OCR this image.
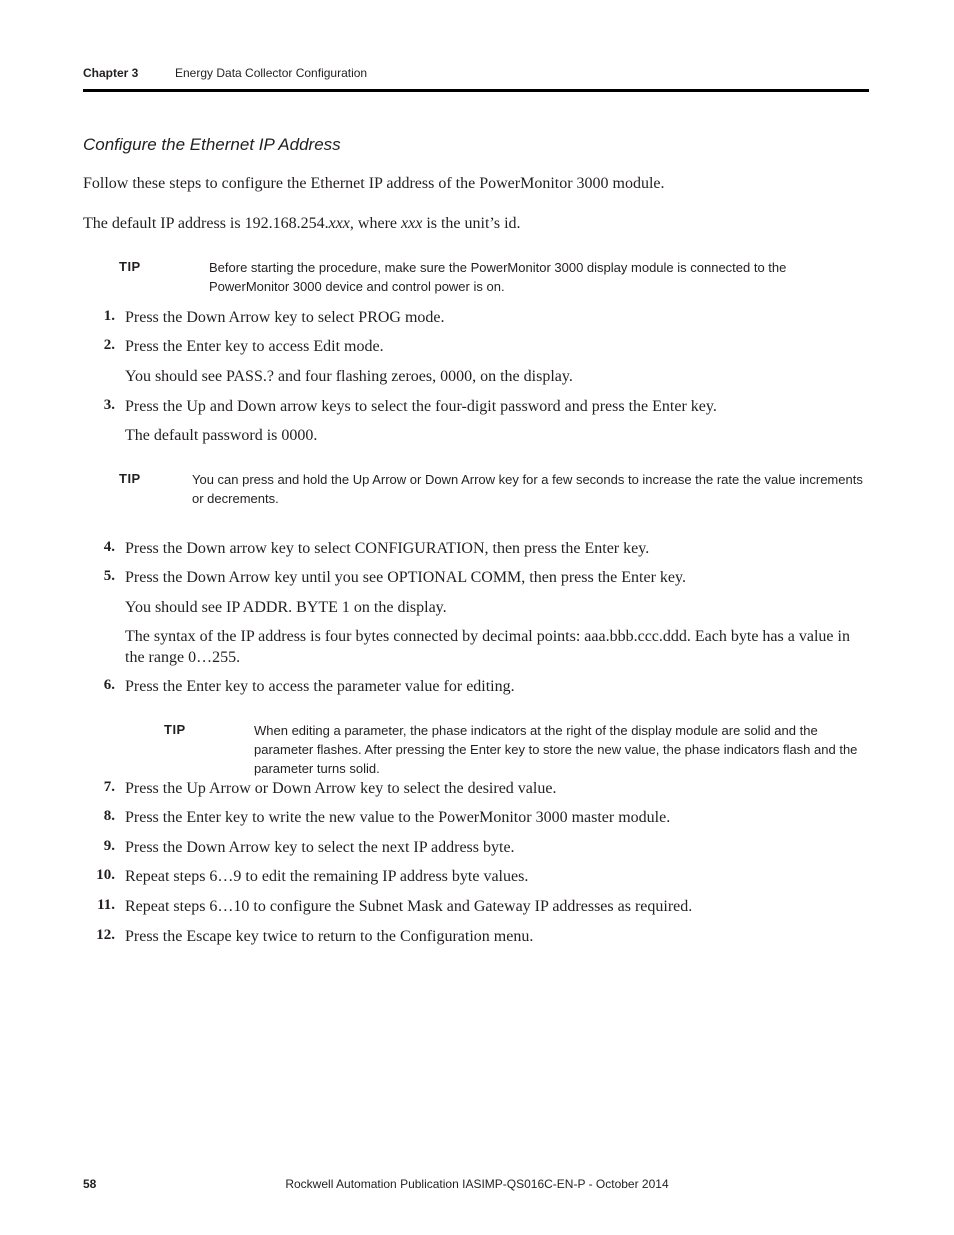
Chapter 3	Energy Data Collector Configuration
Configure the Ethernet IP Address
Follow these steps to configure the Ethernet IP address of the PowerMonitor 3000 module.
The default IP address is 192.168.254.xxx, where xxx is the unit’s id.
TIP	Before starting the procedure, make sure the PowerMonitor 3000 display module is connected to the PowerMonitor 3000 device and control power is on.
1. Press the Down Arrow key to select PROG mode.
2. Press the Enter key to access Edit mode.
You should see PASS.? and four flashing zeroes, 0000, on the display.
3. Press the Up and Down arrow keys to select the four-digit password and press the Enter key.
The default password is 0000.
TIP	You can press and hold the Up Arrow or Down Arrow key for a few seconds to increase the rate the value increments or decrements.
4. Press the Down arrow key to select CONFIGURATION, then press the Enter key.
5. Press the Down Arrow key until you see OPTIONAL COMM, then press the Enter key.
You should see IP ADDR. BYTE 1 on the display.
The syntax of the IP address is four bytes connected by decimal points: aaa.bbb.ccc.ddd. Each byte has a value in the range 0…255.
6. Press the Enter key to access the parameter value for editing.
TIP	When editing a parameter, the phase indicators at the right of the display module are solid and the parameter flashes. After pressing the Enter key to store the new value, the phase indicators flash and the parameter turns solid.
7. Press the Up Arrow or Down Arrow key to select the desired value.
8. Press the Enter key to write the new value to the PowerMonitor 3000 master module.
9. Press the Down Arrow key to select the next IP address byte.
10. Repeat steps 6…9 to edit the remaining IP address byte values.
11. Repeat steps 6…10 to configure the Subnet Mask and Gateway IP addresses as required.
12. Press the Escape key twice to return to the Configuration menu.
58	Rockwell Automation Publication IASIMP-QS016C-EN-P - October 2014
